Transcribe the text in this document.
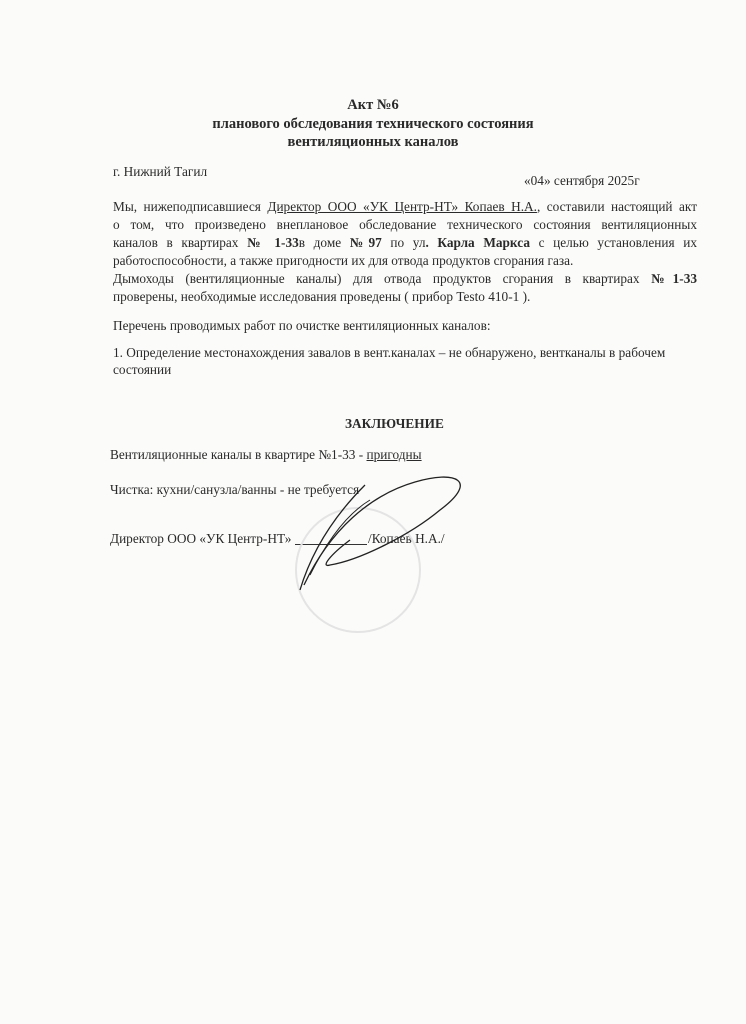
Акт №6
планового обследования технического состояния
вентиляционных каналов
г. Нижний Тагил
«04» сентября 2025г
Мы, нижеподписавшиеся Директор ООО «УК Центр-НТ» Копаев Н.А., составили настоящий акт
о том, что произведено внеплановое обследование технического состояния вентиляционных
каналов в квартирах № 1-33в доме №97 по ул. Карла Маркса с целью установления их
работоспособности, а также пригодности их для отвода продуктов сгорания газа.
Дымоходы (вентиляционные каналы) для отвода продуктов сгорания в квартирах №1-33
проверены, необходимые исследования проведены ( прибор Testo 410-1 ).
Перечень проводимых работ по очистке вентиляционных каналов:
1. Определение местонахождения завалов в вент.каналах – не обнаружено, вентканалы в рабочем
состоянии
ЗАКЛЮЧЕНИЕ
Вентиляционные каналы в квартире №1-33 - пригодны
Чистка: кухни/санузла/ванны - не требуется
Директор ООО «УК Центр-НТ»	/Копаев Н.А./
